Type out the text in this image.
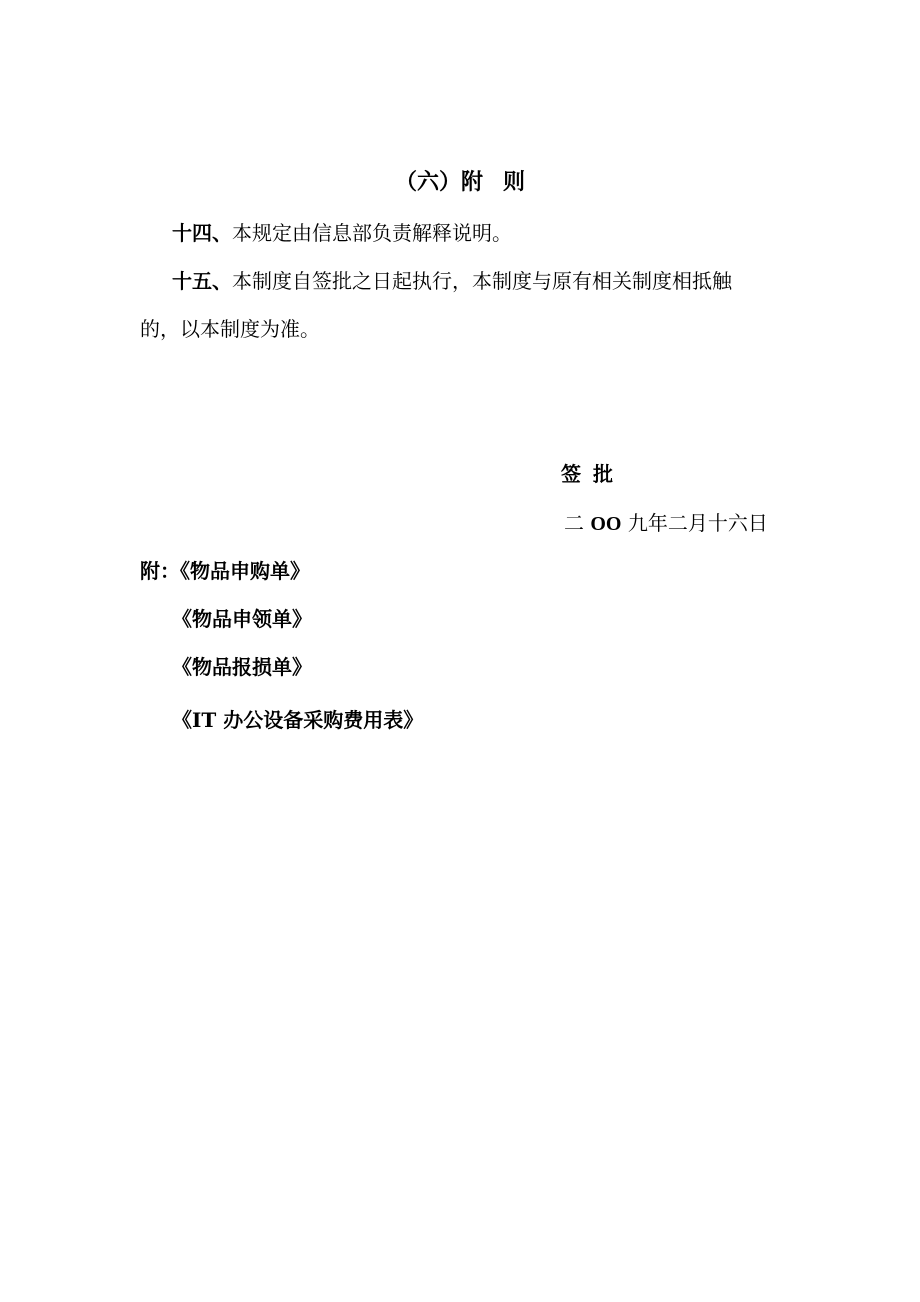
（六）附 则
十四、本规定由信息部负责解释说明。
十五、本制度自签批之日起执行，本制度与原有相关制度相抵触
的，以本制度为准。
签 批
二 OO 九年二月十六日
附：《物品申购单》
《物品申领单》
《物品报损单》
《IT 办公设备采购费用表》
